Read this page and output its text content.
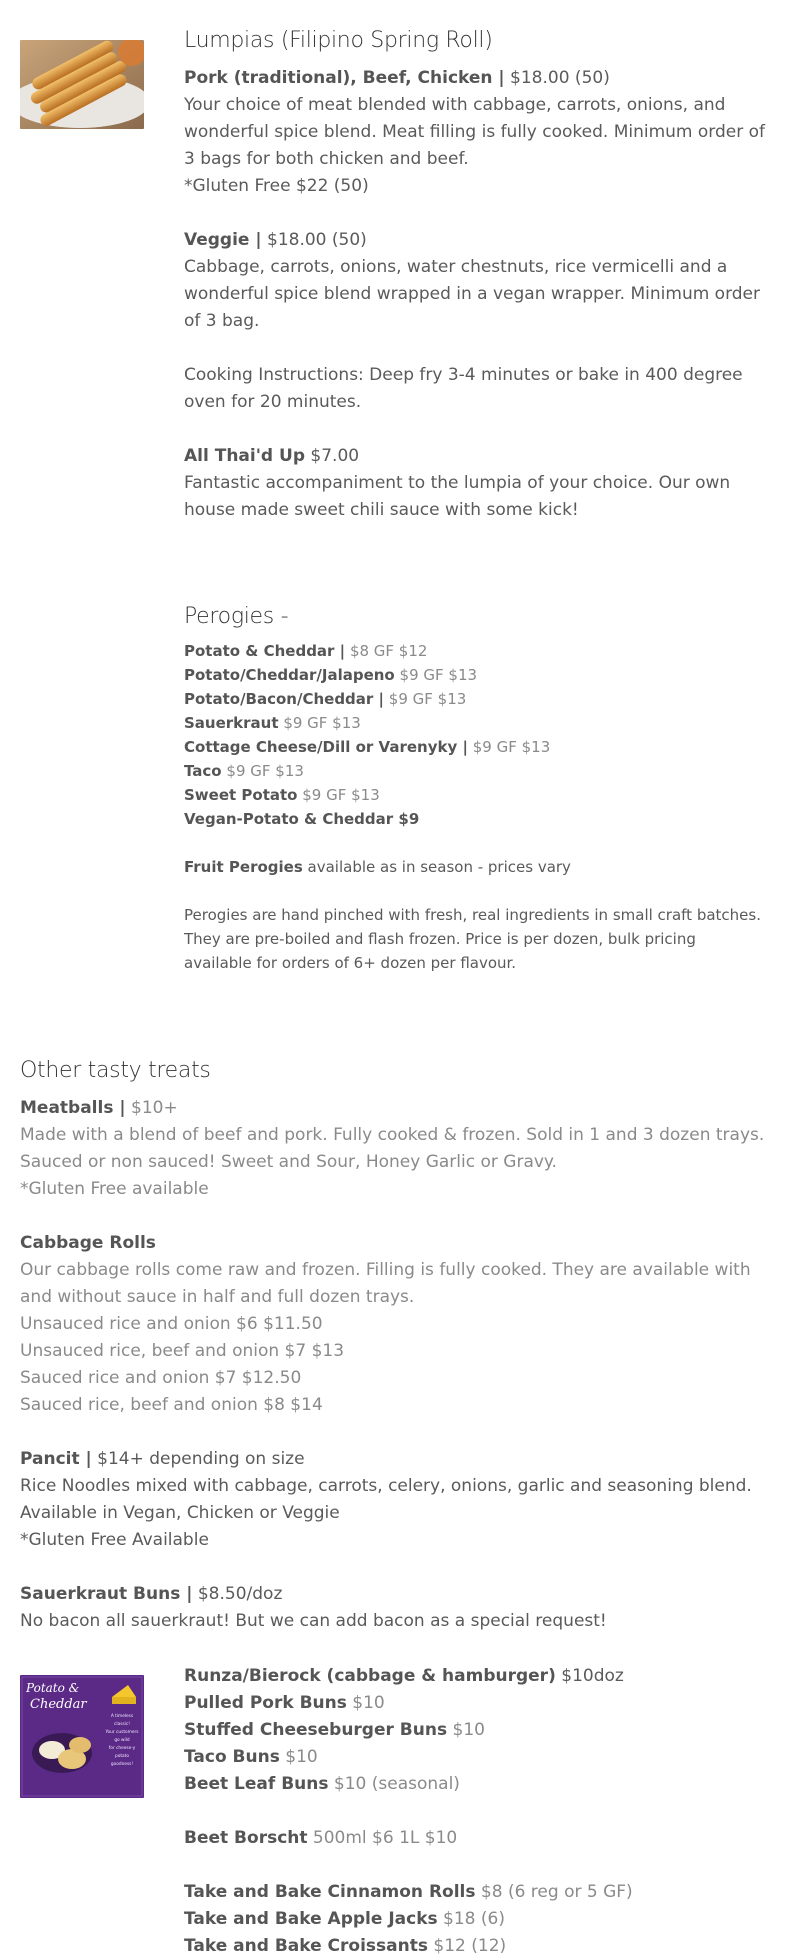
Lumpias (Filipino Spring Roll)
Pork (traditional), Beef, Chicken | $18.00 (50)
Your choice of meat blended with cabbage, carrots, onions, and wonderful spice blend. Meat filling is fully cooked. Minimum order of 3 bags for both chicken and beef.
*Gluten Free $22 (50)
Veggie | $18.00 (50)
Cabbage, carrots, onions, water chestnuts, rice vermicelli and a wonderful spice blend wrapped in a vegan wrapper. Minimum order of 3 bag.
Cooking Instructions: Deep fry 3-4 minutes or bake in 400 degree oven for 20 minutes.
All Thai'd Up $7.00
Fantastic accompaniment to the lumpia of your choice. Our own house made sweet chili sauce with some kick!
Perogies -
Potato & Cheddar | $8 GF $12
Potato/Cheddar/Jalapeno $9 GF $13
Potato/Bacon/Cheddar | $9 GF $13
Sauerkraut $9 GF $13
Cottage Cheese/Dill or Varenyky | $9 GF $13
Taco $9 GF $13
Sweet Potato $9 GF $13
Vegan-Potato & Cheddar $9
Fruit Perogies available as in season - prices vary
Perogies are hand pinched with fresh, real ingredients in small craft batches. They are pre-boiled and flash frozen. Price is per dozen, bulk pricing available for orders of 6+ dozen per flavour.
Other tasty treats
Meatballs | $10+
Made with a blend of beef and pork. Fully cooked & frozen. Sold in 1 and 3 dozen trays. Sauced or non sauced! Sweet and Sour, Honey Garlic or Gravy.
*Gluten Free available
Cabbage Rolls
Our cabbage rolls come raw and frozen. Filling is fully cooked. They are available with and without sauce in half and full dozen trays.
Unsauced rice and onion $6 $11.50
Unsauced rice, beef and onion $7 $13
Sauced rice and onion $7 $12.50
Sauced rice, beef and onion $8 $14
Pancit | $14+ depending on size
Rice Noodles mixed with cabbage, carrots, celery, onions, garlic and seasoning blend. Available in Vegan, Chicken or Veggie
*Gluten Free Available
Sauerkraut Buns | $8.50/doz
No bacon all sauerkraut! But we can add bacon as a special request!
Potato &
Cheddar
A timeless
classic!
Your customers
go wild
for cheese-y
potato
goodness!
Runza/Bierock (cabbage & hamburger) $10doz
Pulled Pork Buns $10
Stuffed Cheeseburger Buns $10
Taco Buns $10
Beet Leaf Buns $10 (seasonal)
Beet Borscht 500ml $6 1L $10
Take and Bake Cinnamon Rolls $8 (6 reg or 5 GF)
Take and Bake Apple Jacks $18 (6)
Take and Bake Croissants $12 (12)
